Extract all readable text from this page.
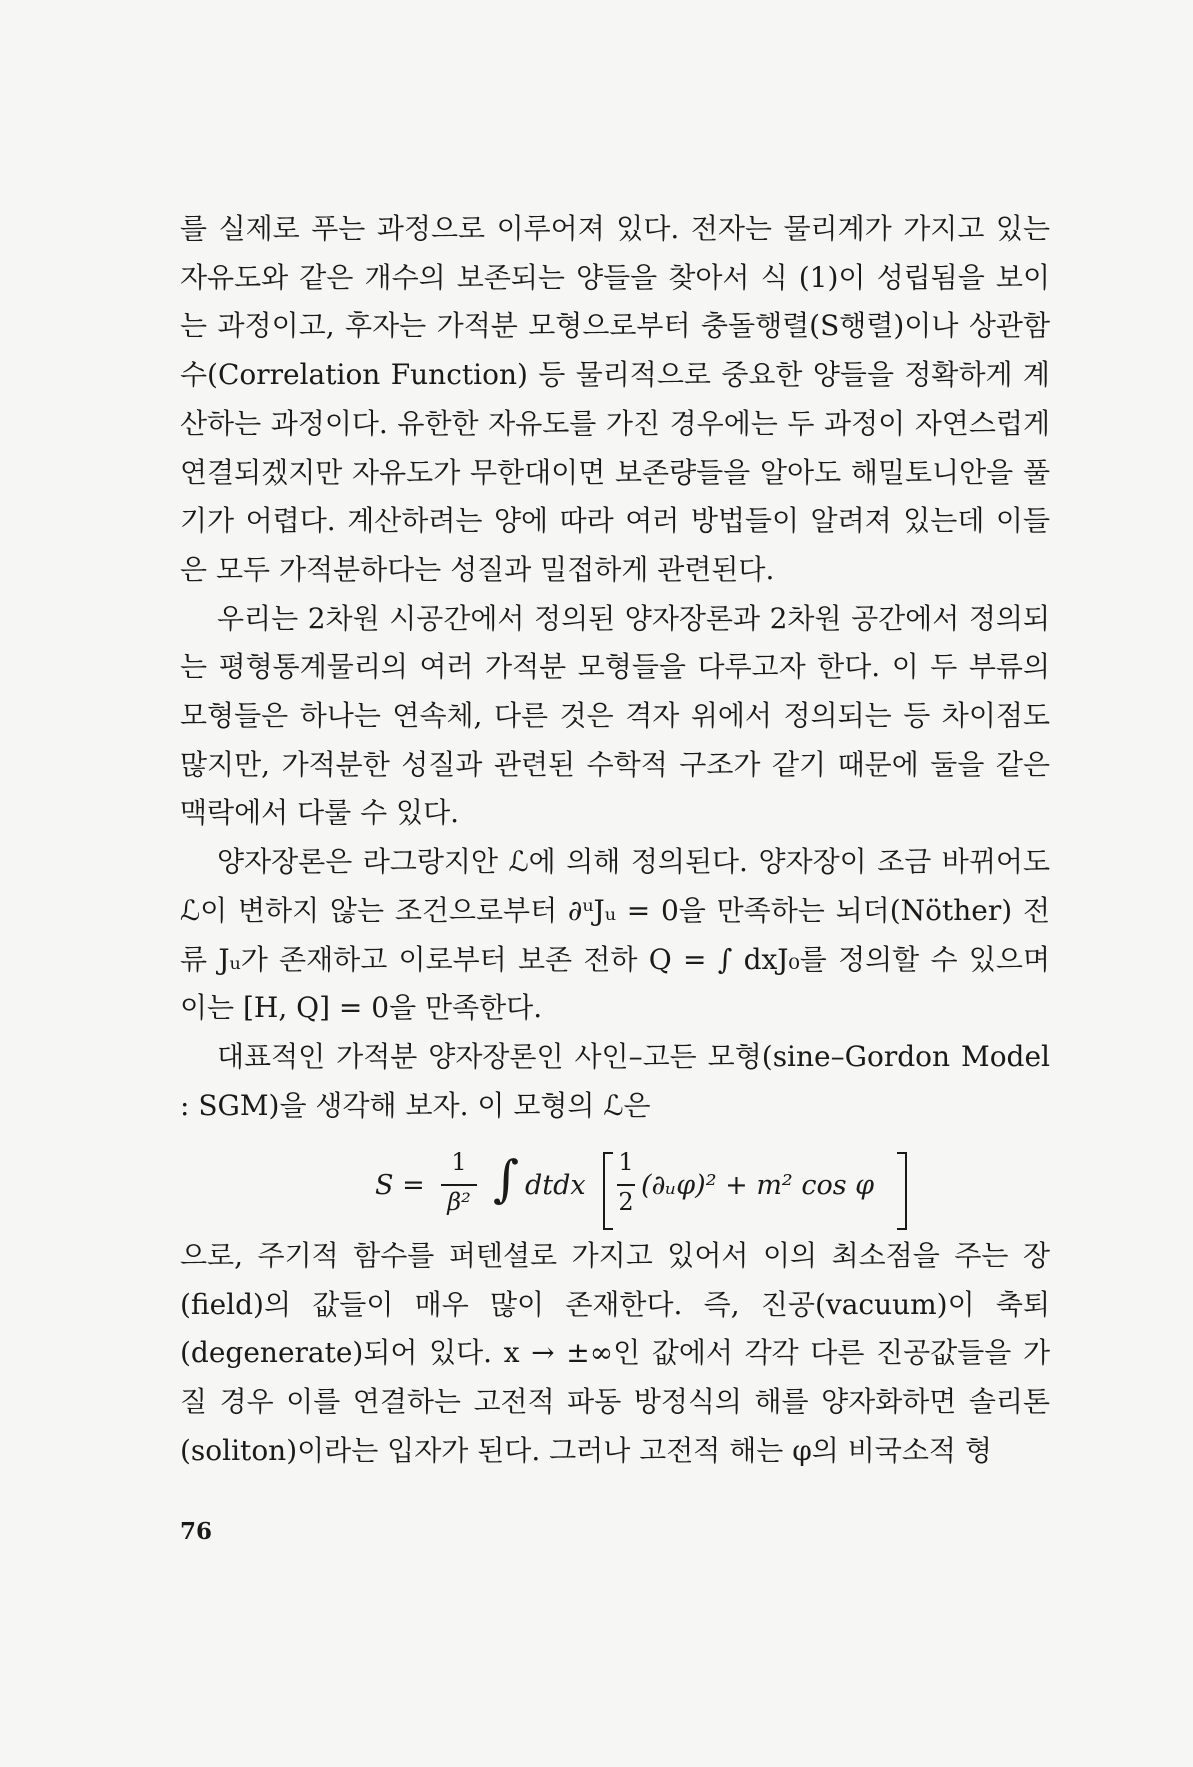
를 실제로 푸는 과정으로 이루어져 있다. 전자는 물리계가 가지고 있는 자유도와 같은 개수의 보존되는 양들을 찾아서 식 (1)이 성립됨을 보이는 과정이고, 후자는 가적분 모형으로부터 충돌행렬(S행렬)이나 상관함수(Correlation Function) 등 물리적으로 중요한 양들을 정확하게 계산하는 과정이다. 유한한 자유도를 가진 경우에는 두 과정이 자연스럽게 연결되겠지만 자유도가 무한대이면 보존량들을 알아도 해밀토니안을 풀기가 어렵다. 계산하려는 양에 따라 여러 방법들이 알려져 있는데 이들은 모두 가적분하다는 성질과 밀접하게 관련된다.

우리는 2차원 시공간에서 정의된 양자장론과 2차원 공간에서 정의되는 평형통계물리의 여러 가적분 모형들을 다루고자 한다. 이 두 부류의 모형들은 하나는 연속체, 다른 것은 격자 위에서 정의되는 등 차이점도 많지만, 가적분한 성질과 관련된 수학적 구조가 같기 때문에 둘을 같은 맥락에서 다룰 수 있다.

양자장론은 라그랑지안 ℒ에 의해 정의된다. 양자장이 조금 바뀌어도 ℒ이 변하지 않는 조건으로부터 ∂ᵘJᵤ = 0을 만족하는 뇌더(Nöther) 전류 Jᵤ가 존재하고 이로부터 보존 전하 Q = ∫ dxJ₀를 정의할 수 있으며 이는 [H, Q] = 0을 만족한다.

대표적인 가적분 양자장론인 사인–고든 모형(sine–Gordon Model : SGM)을 생각해 보자. 이 모형의 ℒ은

S =
1
β² ∫ dtdx
1
2
(∂ᵤφ)² + m² cos φ

으로, 주기적 함수를 퍼텐셜로 가지고 있어서 이의 최소점을 주는 장(field)의 값들이 매우 많이 존재한다. 즉, 진공(vacuum)이 축퇴(degenerate)되어 있다. x → ±∞인 값에서 각각 다른 진공값들을 가질 경우 이를 연결하는 고전적 파동 방정식의 해를 양자화하면 솔리톤(soliton)이라는 입자가 된다. 그러나 고전적 해는 φ의 비국소적 형

76
